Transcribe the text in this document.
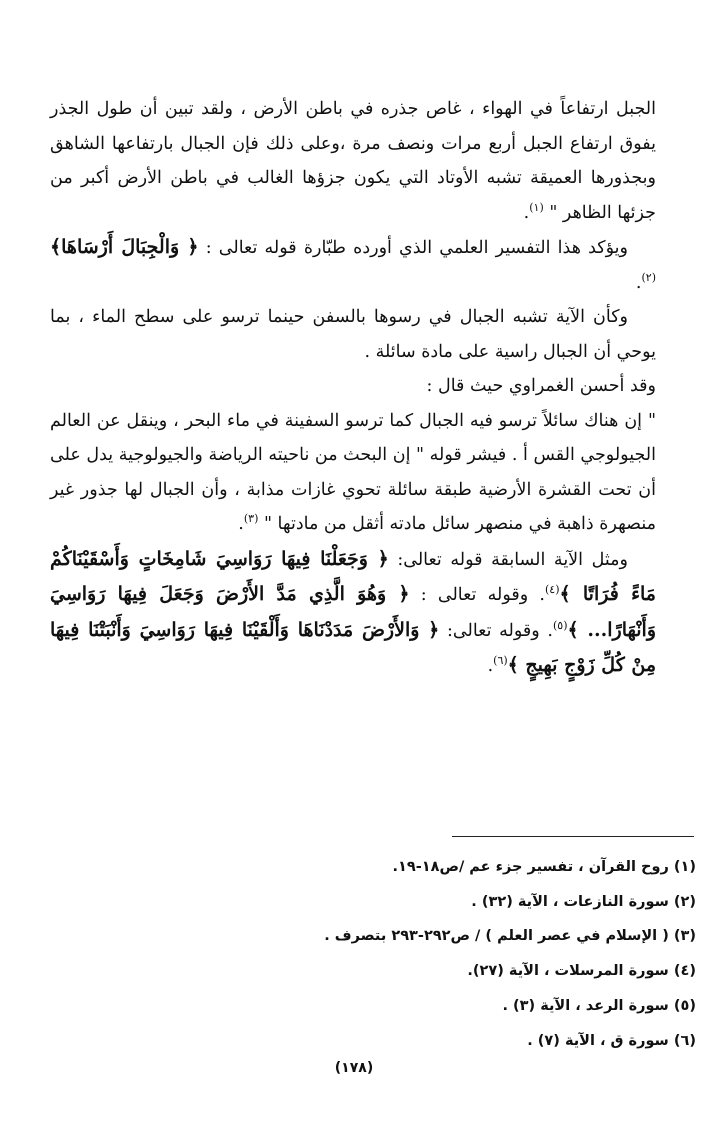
الجبل ارتفاعاً في الهواء ، غاص جذره في باطن الأرض ، ولقد تبين أن طول الجذر يفوق ارتفاع الجبل أربع مرات ونصف مرة ،وعلى ذلك فإن الجبال بارتفاعها الشاهق وبجذورها العميقة تشبه الأوتاد التي يكون جزؤها الغالب في باطن الأرض أكبر من جزئها الظاهر " $^{(١)}$.

ويؤكد هذا التفسير العلمي الذي أورده طبّارة قوله تعالى : ﴿ وَالْجِبَالَ أَرْسَاهَا﴾ $^{(٢)}$.

وكأن الآية تشبه الجبال في رسوها بالسفن حينما ترسو على سطح الماء ، بما يوحي أن الجبال راسية على مادة سائلة .

وقد أحسن الغمراوي حيث قال :

" إن هناك سائلاً ترسو فيه الجبال كما ترسو السفينة في ماء البحر ، وينقل عن العالم الجيولوجي القس أ . فيشر قوله " إن البحث من ناحيته الرياضة والجيولوجية يدل على أن تحت القشرة الأرضية طبقة سائلة تحوي غازات مذابة ، وأن الجبال لها جذور غير منصهرة ذاهبة في منصهر سائل مادته أثقل من مادتها " $^{(٣)}$.

ومثل الآية السابقة قوله تعالى: ﴿ وَجَعَلْنَا فِيهَا رَوَاسِيَ شَامِخَاتٍ وَأَسْقَيْنَاكُمْ مَاءً فُرَاتًا ﴾$^{(٤)}$. وقوله تعالى : ﴿ وَهُوَ الَّذِي مَدَّ الأَرْضَ وَجَعَلَ فِيهَا رَوَاسِيَ وَأَنْهَارًا... ﴾$^{(٥)}$. وقوله تعالى: ﴿ وَالأَرْضَ مَدَدْنَاهَا وَأَلْقَيْنَا فِيهَا رَوَاسِيَ وَأَنْبَتْنَا فِيهَا مِنْ كُلِّ زَوْجٍ بَهِيجٍ ﴾$^{(٦)}$.

(١) روح القرآن ، تفسير جزء عم /ص١٨-١٩.
(٢) سورة النازعات ، الآية (٣٢) .
(٣) ( الإسلام في عصر العلم ) / ص٢٩٢-٢٩٣ بتصرف .
(٤) سورة المرسلات ، الآية (٢٧).
(٥) سورة الرعد ، الآية (٣) .
(٦) سورة ق ، الآية (٧) .
(١٧٨)
